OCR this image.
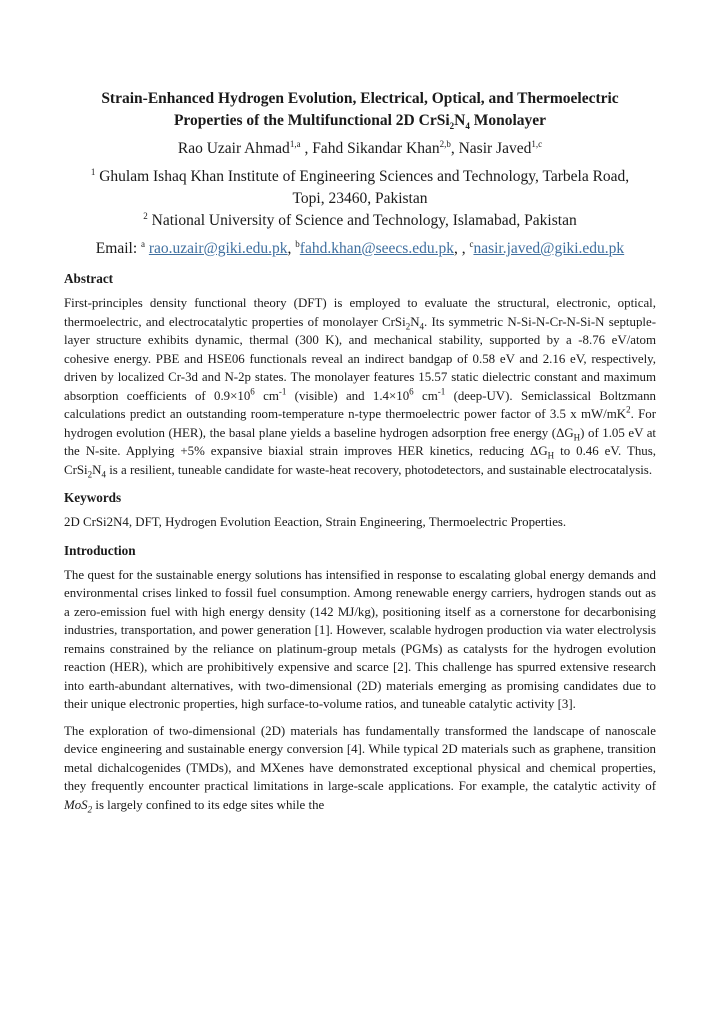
Strain-Enhanced Hydrogen Evolution, Electrical, Optical, and Thermoelectric
Properties of the Multifunctional 2D $CrSi_2N_4$ Monolayer
Rao Uzair Ahmad$^{1,a}$ , Fahd Sikandar Khan$^{2,b}$, Nasir Javed$^{1,c}$
$^1$ Ghulam Ishaq Khan Institute of Engineering Sciences and Technology, Tarbela Road,
Topi, 23460, Pakistan
$^2$ National University of Science and Technology, Islamabad, Pakistan
Email: $^a$ rao.uzair@giki.edu.pk, $^b$fahd.khan@seecs.edu.pk, , $^c$nasir.javed@giki.edu.pk
Abstract

First-principles density functional theory (DFT) is employed to evaluate the structural, electronic, optical, thermoelectric, and electrocatalytic properties of monolayer $CrSi_2N_4$. Its symmetric N-Si-N-Cr-N-Si-N septuple-layer structure exhibits dynamic, thermal (300 K), and mechanical stability, supported by a -8.76 eV/atom cohesive energy. PBE and HSE06 functionals reveal an indirect bandgap of 0.58 eV and 2.16 eV, respectively, driven by localized Cr-3d and N-2p states. The monolayer features 15.57 static dielectric constant and maximum absorption coefficients of $0.9\times 10^6$ $cm^{-1}$ (visible) and $1.4\times 10^6$ $cm^{-1}$ (deep-UV). Semiclassical Boltzmann calculations predict an outstanding room-temperature n-type thermoelectric power factor of 3.5 x $mW/mK^2$. For hydrogen evolution (HER), the basal plane yields a baseline hydrogen adsorption free energy $(\Delta G_H)$ of 1.05 eV at the N-site. Applying +5% expansive biaxial strain improves HER kinetics, reducing $\Delta G_H$ to 0.46 eV. Thus, $CrSi_2N_4$ is a resilient, tuneable candidate for waste-heat recovery, photodetectors, and sustainable electrocatalysis.

Keywords

2D CrSi2N4, DFT, Hydrogen Evolution Eeaction, Strain Engineering, Thermoelectric Properties.

Introduction

The quest for the sustainable energy solutions has intensified in response to escalating global energy demands and environmental crises linked to fossil fuel consumption. Among renewable energy carriers, hydrogen stands out as a zero-emission fuel with high energy density (142 MJ/kg), positioning itself as a cornerstone for decarbonising industries, transportation, and power generation [1]. However, scalable hydrogen production via water electrolysis remains constrained by the reliance on platinum-group metals (PGMs) as catalysts for the hydrogen evolution reaction (HER), which are prohibitively expensive and scarce [2]. This challenge has spurred extensive research into earth-abundant alternatives, with two-dimensional (2D) materials emerging as promising candidates due to their unique electronic properties, high surface-to-volume ratios, and tuneable catalytic activity [3].

The exploration of two-dimensional (2D) materials has fundamentally transformed the landscape of nanoscale device engineering and sustainable energy conversion [4]. While typical 2D materials such as graphene, transition metal dichalcogenides (TMDs), and MXenes have demonstrated exceptional physical and chemical properties, they frequently encounter practical limitations in large-scale applications. For example, the catalytic activity of MoS$_2$ is largely confined to its edge sites while the
